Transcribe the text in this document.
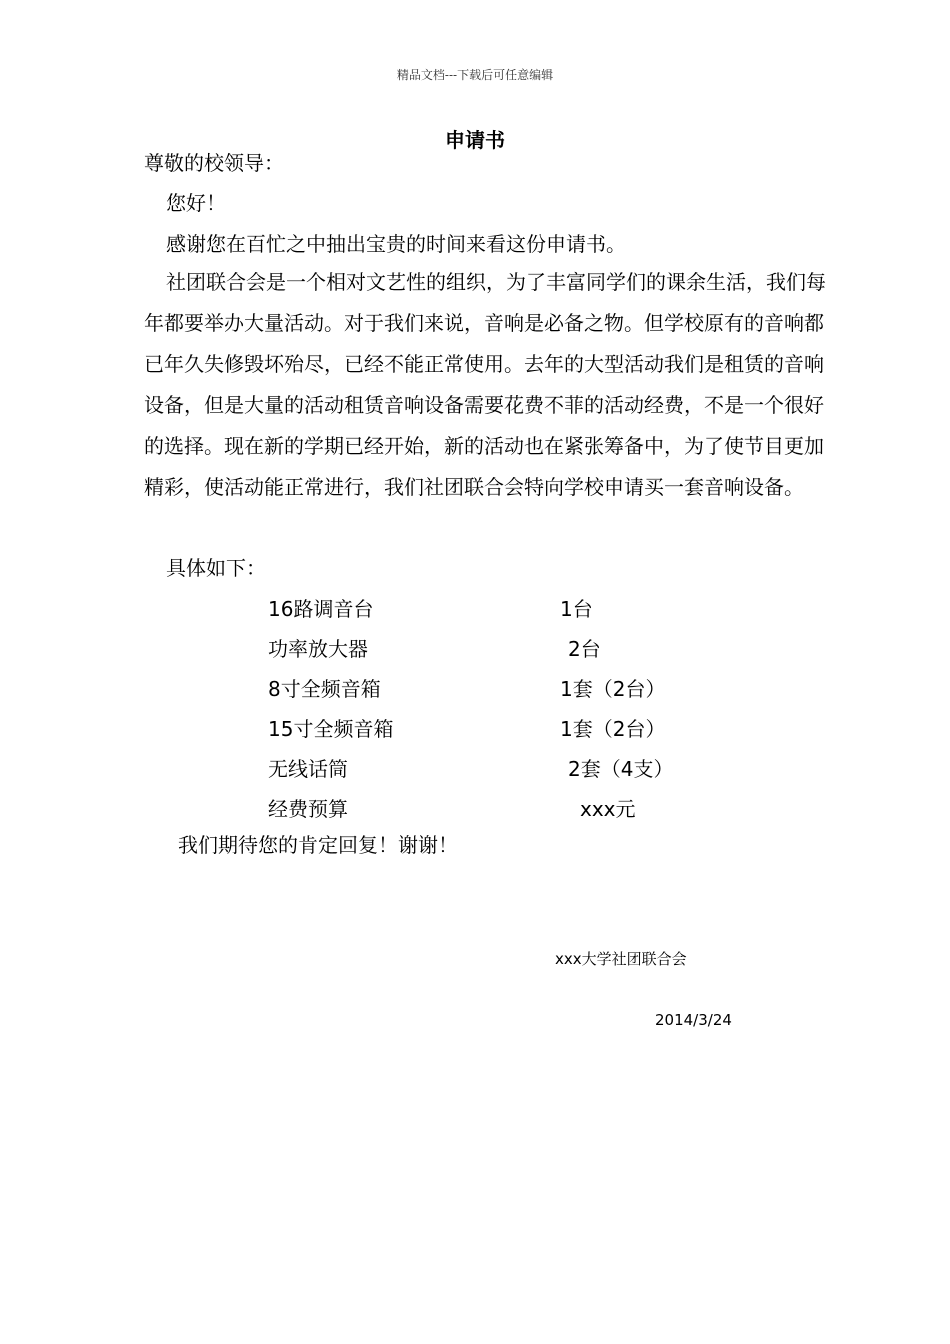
精品文档---下载后可任意编辑
申请书
尊敬的校领导：
您好！
感谢您在百忙之中抽出宝贵的时间来看这份申请书。
社团联合会是一个相对文艺性的组织，为了丰富同学们的课余生活，我们每年都要举办大量活动。对于我们来说，音响是必备之物。但学校原有的音响都已年久失修毁坏殆尽，已经不能正常使用。去年的大型活动我们是租赁的音响设备，但是大量的活动租赁音响设备需要花费不菲的活动经费，不是一个很好的选择。现在新的学期已经开始，新的活动也在紧张筹备中，为了使节目更加精彩，使活动能正常进行，我们社团联合会特向学校申请买一套音响设备。
具体如下：
16路调音台	1台
功率放大器	2台
8寸全频音箱	1套（2台）
15寸全频音箱	1套（2台）
无线话筒	2套（4支）
经费预算	xxx元
我们期待您的肯定回复！谢谢！
xxx大学社团联合会
2014/3/24
